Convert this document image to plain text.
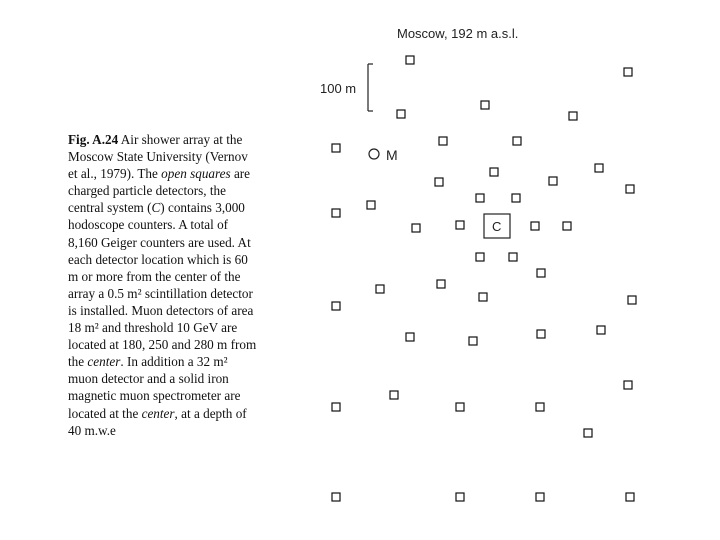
Moscow, 192 m a.s.l.
100 m
C
M
Fig. A.24 Air shower array at the Moscow State University (Vernov et al., 1979). The open squares are charged particle detectors, the central system (C) contains 3,000 hodoscope counters. A total of 8,160 Geiger counters are used. At each detector location which is 60 m or more from the center of the array a 0.5 m² scintillation detector is installed. Muon detectors of area 18 m² and threshold 10 GeV are located at 180, 250 and 280 m from the center. In addition a 32 m² muon detector and a solid iron magnetic muon spectrometer are located at the center, at a depth of 40 m.w.e
